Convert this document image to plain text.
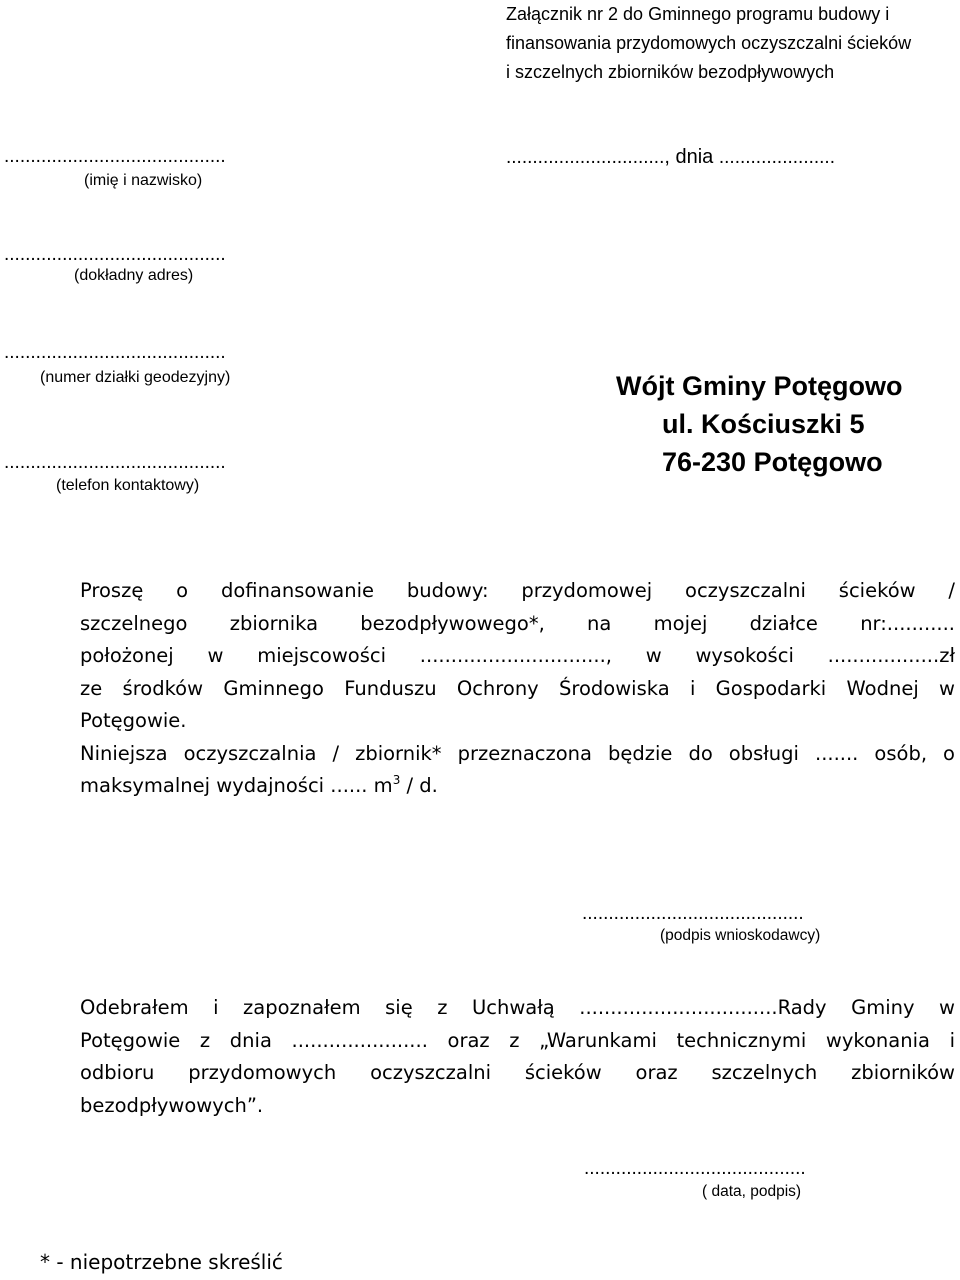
Załącznik nr 2 do Gminnego programu budowy i
finansowania przydomowych oczyszczalni ścieków
i szczelnych zbiorników bezodpływowych
..........................................
(imię i nazwisko)
.............................., dnia ......................
..........................................
(dokładny adres)
..........................................
(numer działki geodezyjny)
..........................................
(telefon kontaktowy)
Wójt Gminy Potęgowo
ul. Kościuszki 5
76-230 Potęgowo
Proszę o dofinansowanie budowy: przydomowej oczyszczalni ścieków /
szczelnego zbiornika bezodpływowego*, na mojej działce nr:...........
położonej w miejscowości .............................., w wysokości ..................zł
ze środków Gminnego Funduszu Ochrony Środowiska i Gospodarki Wodnej w
Potęgowie.
Niniejsza oczyszczalnia / zbiornik* przeznaczona będzie do obsługi ....... osób, o
maksymalnej wydajności ...... $m^3$ / d.
..........................................
(podpis wnioskodawcy)
Odebrałem i zapoznałem się z Uchwałą ................................Rady Gminy w
Potęgowie z dnia ...................... oraz z „Warunkami technicznymi wykonania i
odbioru przydomowych oczyszczalni ścieków oraz szczelnych zbiorników
bezodpływowych”.
..........................................
( data, podpis)
* - niepotrzebne skreślić
